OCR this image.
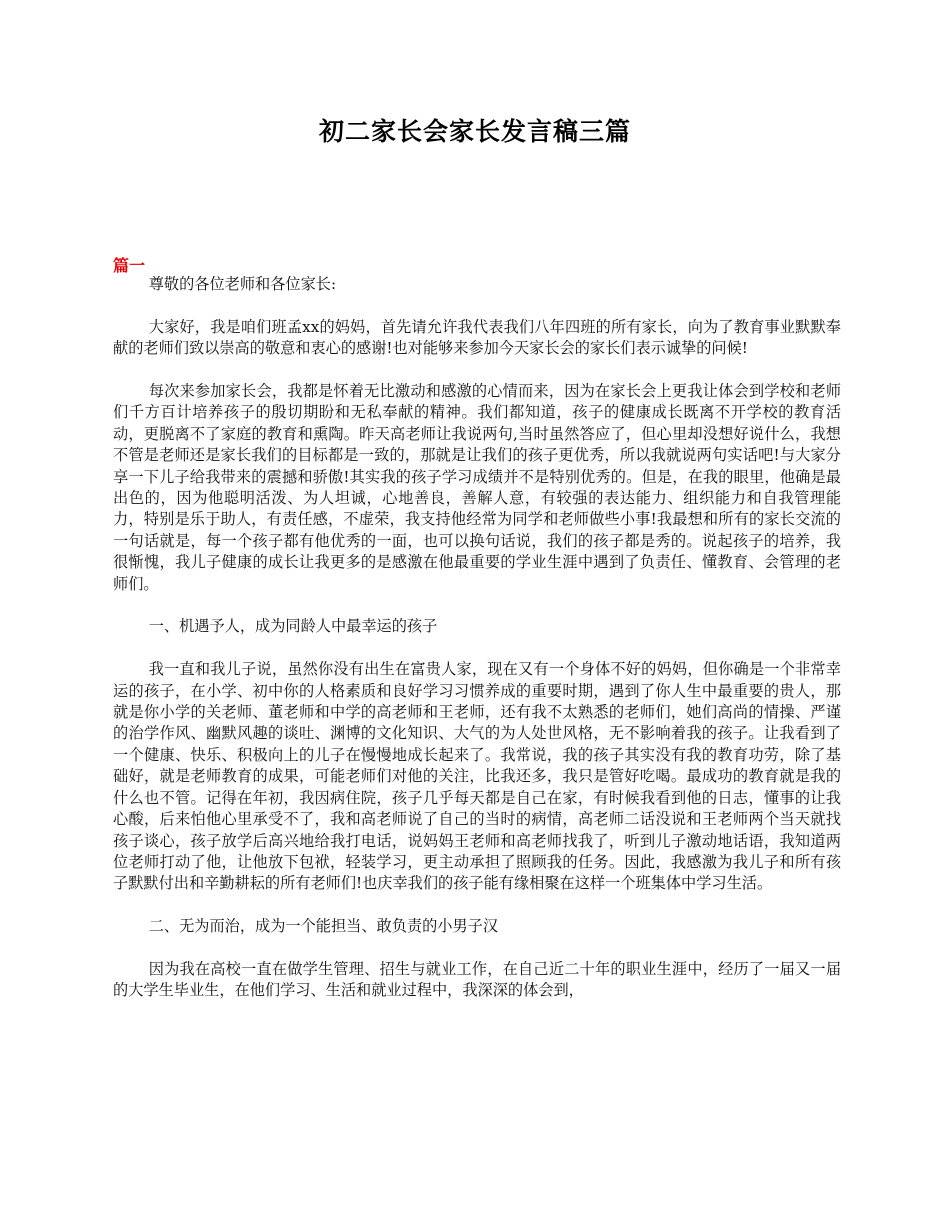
初二家长会家长发言稿三篇
篇一

尊敬的各位老师和各位家长:

大家好，我是咱们班孟xx的妈妈，首先请允许我代表我们八年四班的所有家长，向为了教育事业默默奉献的老师们致以崇高的敬意和衷心的感谢!也对能够来参加今天家长会的家长们表示诚挚的问候!

每次来参加家长会，我都是怀着无比激动和感激的心情而来，因为在家长会上更我让体会到学校和老师们千方百计培养孩子的殷切期盼和无私奉献的精神。我们都知道，孩子的健康成长既离不开学校的教育活动，更脱离不了家庭的教育和熏陶。昨天高老师让我说两句,当时虽然答应了，但心里却没想好说什么，我想不管是老师还是家长我们的目标都是一致的，那就是让我们的孩子更优秀，所以我就说两句实话吧!与大家分享一下儿子给我带来的震撼和骄傲!其实我的孩子学习成绩并不是特别优秀的。但是，在我的眼里，他确是最出色的，因为他聪明活泼、为人坦诚，心地善良，善解人意，有较强的表达能力、组织能力和自我管理能力，特别是乐于助人，有责任感，不虚荣，我支持他经常为同学和老师做些小事!我最想和所有的家长交流的一句话就是，每一个孩子都有他优秀的一面，也可以换句话说，我们的孩子都是秀的。说起孩子的培养，我很惭愧，我儿子健康的成长让我更多的是感激在他最重要的学业生涯中遇到了负责任、懂教育、会管理的老师们。

一、机遇予人，成为同龄人中最幸运的孩子

我一直和我儿子说，虽然你没有出生在富贵人家，现在又有一个身体不好的妈妈，但你确是一个非常幸运的孩子，在小学、初中你的人格素质和良好学习习惯养成的重要时期，遇到了你人生中最重要的贵人，那就是你小学的关老师、董老师和中学的高老师和王老师，还有我不太熟悉的老师们，她们高尚的情操、严谨的治学作风、幽默风趣的谈吐、渊博的文化知识、大气的为人处世风格，无不影响着我的孩子。让我看到了一个健康、快乐、积极向上的儿子在慢慢地成长起来了。我常说，我的孩子其实没有我的教育功劳，除了基础好，就是老师教育的成果，可能老师们对他的关注，比我还多，我只是管好吃喝。最成功的教育就是我的什么也不管。记得在年初，我因病住院，孩子几乎每天都是自己在家，有时候我看到他的日志，懂事的让我心酸，后来怕他心里承受不了，我和高老师说了自己的当时的病情，高老师二话没说和王老师两个当天就找孩子谈心，孩子放学后高兴地给我打电话，说妈妈王老师和高老师找我了，听到儿子激动地话语，我知道两位老师打动了他，让他放下包袱，轻装学习，更主动承担了照顾我的任务。因此，我感激为我儿子和所有孩子默默付出和辛勤耕耘的所有老师们!也庆幸我们的孩子能有缘相聚在这样一个班集体中学习生活。

二、无为而治，成为一个能担当、敢负责的小男子汉

因为我在高校一直在做学生管理、招生与就业工作，在自己近二十年的职业生涯中，经历了一届又一届的大学生毕业生，在他们学习、生活和就业过程中，我深深的体会到，
